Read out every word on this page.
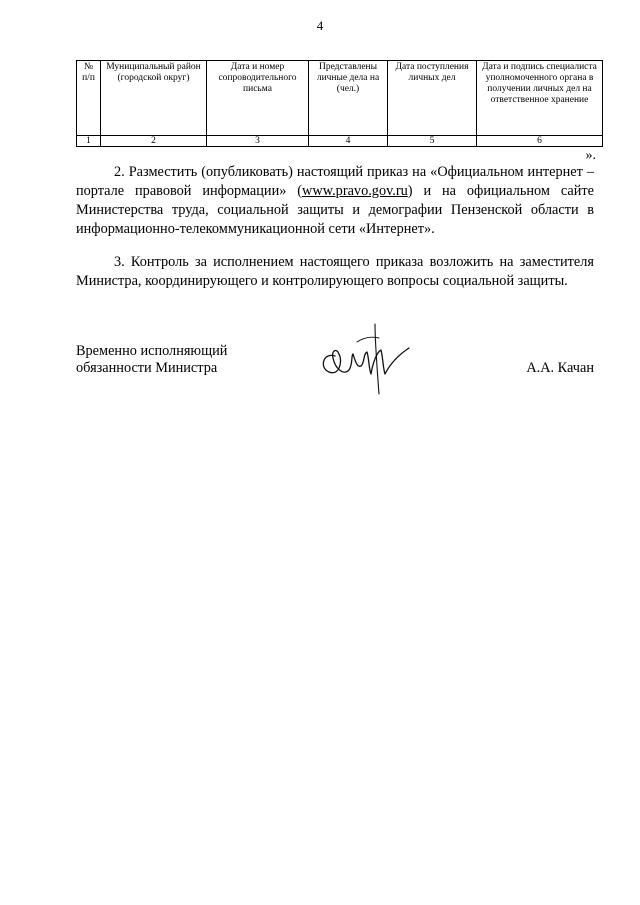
4
№ п/п	Муниципальный район (городской округ)	Дата и номер сопроводительного письма	Представлены личные дела на (чел.)	Дата поступления личных дел	Дата и подпись специалиста уполномоченного органа в получении личных дел на ответственное хранение
1	2	3	4	5	6
».

2. Разместить (опубликовать) настоящий приказ на «Официальном интернет – портале правовой информации» (www.pravo.gov.ru) и на официальном сайте Министерства труда, социальной защиты и демографии Пензенской области в информационно-телекоммуникационной сети «Интернет».

3. Контроль за исполнением настоящего приказа возложить на заместителя Министра, координирующего и контролирующего вопросы социальной защиты.

Временно исполняющий
обязанности Министра	А.А. Качан
